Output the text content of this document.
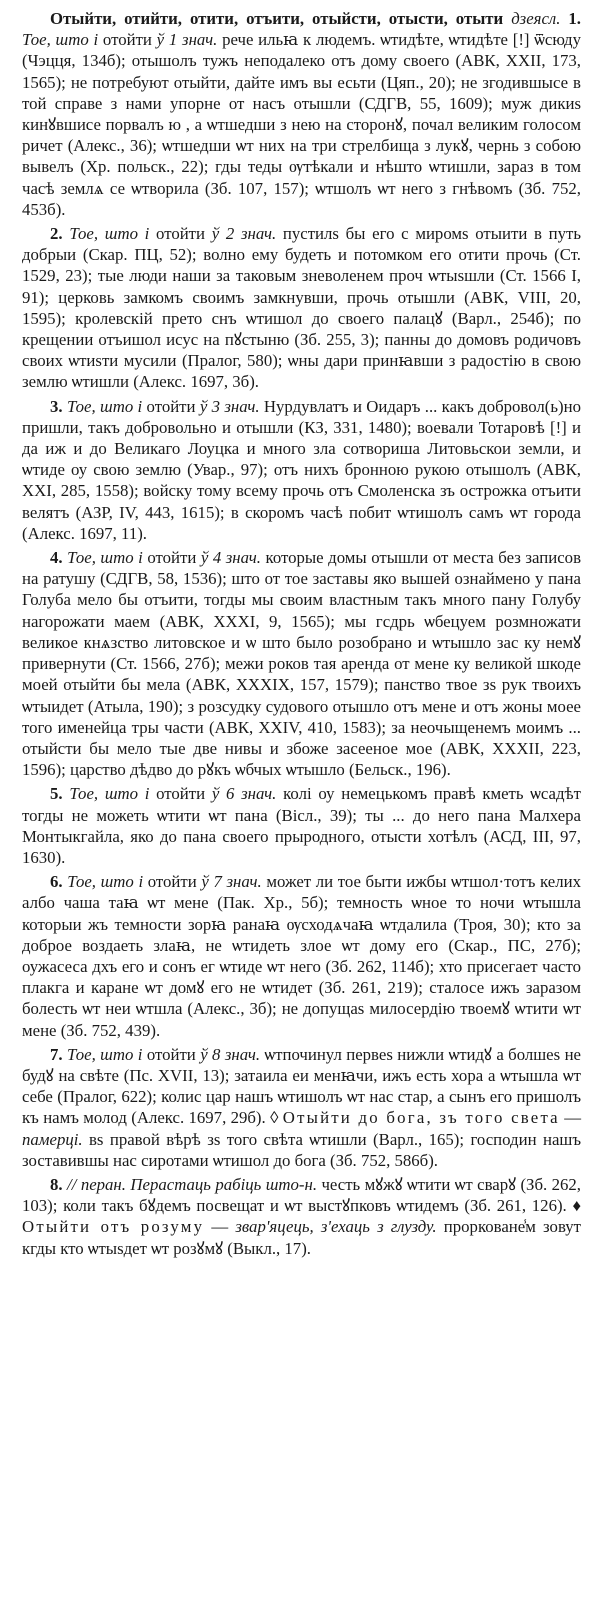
Отыйти, отийти, отити, отъити, отыйсти, отысти, отыти дзеясл. 1. Тое, што і отойти ў 1 знач. рече ильꙗ к людемъ. ѡтидѣте, ѡтидѣте [!] ѿсюду (Чэцця, 134б); отышолъ тужъ неподалеко отъ дому своего (АВК, XXII, 173, 1565); не потребуют отыйти, дайте имъ вы есьти (Цяп., 20); не згодившысе в той справе з нами упорне от насъ отышли (СДГВ, 55, 1609); муж дикиѕ кинꙋвшисе порвалъ ю , а ѡтшедши з нею на сторонꙋ, почал великим голосом ричет (Алекс., 36); ѡтшедши ѡт них на три стрелбища з лукꙋ, чернь з собою вывелъ (Хр. польск., 22); гды теды ѹтѣкали и нѣшто ѡтишли, зараз в том часѣ землѧ се ѡтворила (Зб. 107, 157); ѡтшолъ ѡт него з гнѣвомъ (Зб. 752, 453б).

2. Тое, што і отойти ў 2 знач. пустилѕ бы его с миромѕ отыити в путь добрыи (Скар. ПЦ, 52); волно ему будеть и потомком его отити прочь (Ст. 1529, 23); тые люди наши за таковым зневоленем проч ѡтыѕшли (Ст. 1566 I, 91); церковь замкомъ своимъ замкнувши, прочь отышли (АВК, VIII, 20, 1595); кролевскій прето снъ ѡтишол до своего палацꙋ (Варл., 254б); по крещении отъишол исус на пꙋстыню (Зб. 255, 3); панны до домовъ родичовъ своих ѡтиѕти мусили (Пралог, 580); ѡны дари принꙗвши з радостію в свою землю ѡтишли (Алекс. 1697, 3б).

3. Тое, што і отойти ў 3 знач. Нурдувлатъ и Оидаръ ... какъ добровол(ь)но пришли, такъ добровольно и отышли (КЗ, 331, 1480); воевали Тотаровѣ [!] и да иж и до Великаго Лоуцка и много зла сотвориша Литовьскои земли, и ѡтиде оу свою землю (Увар., 97); отъ нихъ бронною рукою отышолъ (АВК, XXI, 285, 1558); войску тому всему прочь отъ Смоленска зъ острожка отъити велятъ (АЗР, IV, 443, 1615); в скоромъ часѣ побит ѡтишолъ самъ ѡт города (Алекс. 1697, 11).

4. Тое, што і отойти ў 4 знач. которые домы отышли от места без записов на ратушу (СДГВ, 58, 1536); што от тое заставы яко вышей ознаймено у пана Голуба мело бы отъити, тогды мы своим властным такъ много пану Голубу нагорожати маем (АВК, XXXI, 9, 1565); мы гсдрь ѡбецуем розмножати великое кнѧзство литовское и ѡ што было розобрано и ѡтышло зас ку немꙋ привернути (Ст. 1566, 27б); межи роков тая аренда от мене ку великой шкоде моей отыйти бы мела (АВК, XXXIX, 157, 1579); панство твое зѕ рук твоихъ ѡтыидет (Атыла, 190); з розсудку судового отышло отъ мене и отъ жоны моее того именейца тры части (АВК, XXIV, 410, 1583); за неочыщенемъ моимъ ... отыйсти бы мело тые две нивы и збоже засееное мое (АВК, XXXII, 223, 1596); царство дѣдво до рꙋкъ ѡбчых ѡтышло (Бельск., 196).

5. Тое, што і отойти ў 6 знач. колі оу немецькомъ правѣ кметь ѡсадѣт тогды не можеть ѡтити ѡт пана (Віcл., 39); ты ... до него пана Малхера Монтыкгайла, яко до пана своего прыродного, отысти хотѣлъ (АСД, III, 97, 1630).

6. Тое, што і отойти ў 7 знач. может ли тое быти ижбы ѡтшол·тотъ келих албо чаша таꙗ ѡт мене (Пак. Хр., 5б); темность ѡное то ночи ѡтышла которыи жъ темности зорꙗ ранаꙗ ѹсходѧчаꙗ ѡтдалила (Троя, 30); кто за доброе воздаеть злаꙗ, не ѡтидеть злое ѡт дому его (Скар., ПС, 27б); оужасеса дхъ его и сонъ ег ѡтиде ѡт него (Зб. 262, 114б); хто присегает часто плакга и каране ѡт домꙋ его не ѡтидет (Зб. 261, 219); сталосе ижъ заразом болесть ѡт неи ѡтшла (Алекс., 3б); не допущаѕ милосердію твоемꙋ ѡтити ѡт мене (Зб. 752, 439).

7. Тое, што і отойти ў 8 знач. ѡтпочинул первеѕ нижли ѡтидꙋ а болшеѕ не будꙋ на свѣте (Пс. XVII, 13); затаила еи менꙗчи, ижъ есть хора а ѡтышла ѡт себе (Пралог, 622); колис цар нашъ ѡтишолъ ѡт нас стар, а сынъ его пришолъ къ намъ молод (Алекс. 1697, 29б). ◊ Отыйти до бога, зъ того света — памерці. вѕ правой вѣрѣ зѕ того свѣта ѡтишли (Варл., 165); господин нашъ зоставившы нас сиротами ѡтишол до бога (Зб. 752, 586б).

8. // перан. Перастаць рабіць што-н. честь мꙋжꙋ ѡтити ѡт сварꙋ (Зб. 262, 103); коли такъ бꙋдемъ посвещат и ѡт выстꙋпковъ ѡтидемъ (Зб. 261, 126). ♦ Отыйти отъ розуму — звар'яцець, з'ехаць з глузду. прорковане̾м зовут кгды кто ѡтыѕдет ѡт розꙋмꙋ (Выкл., 17).
